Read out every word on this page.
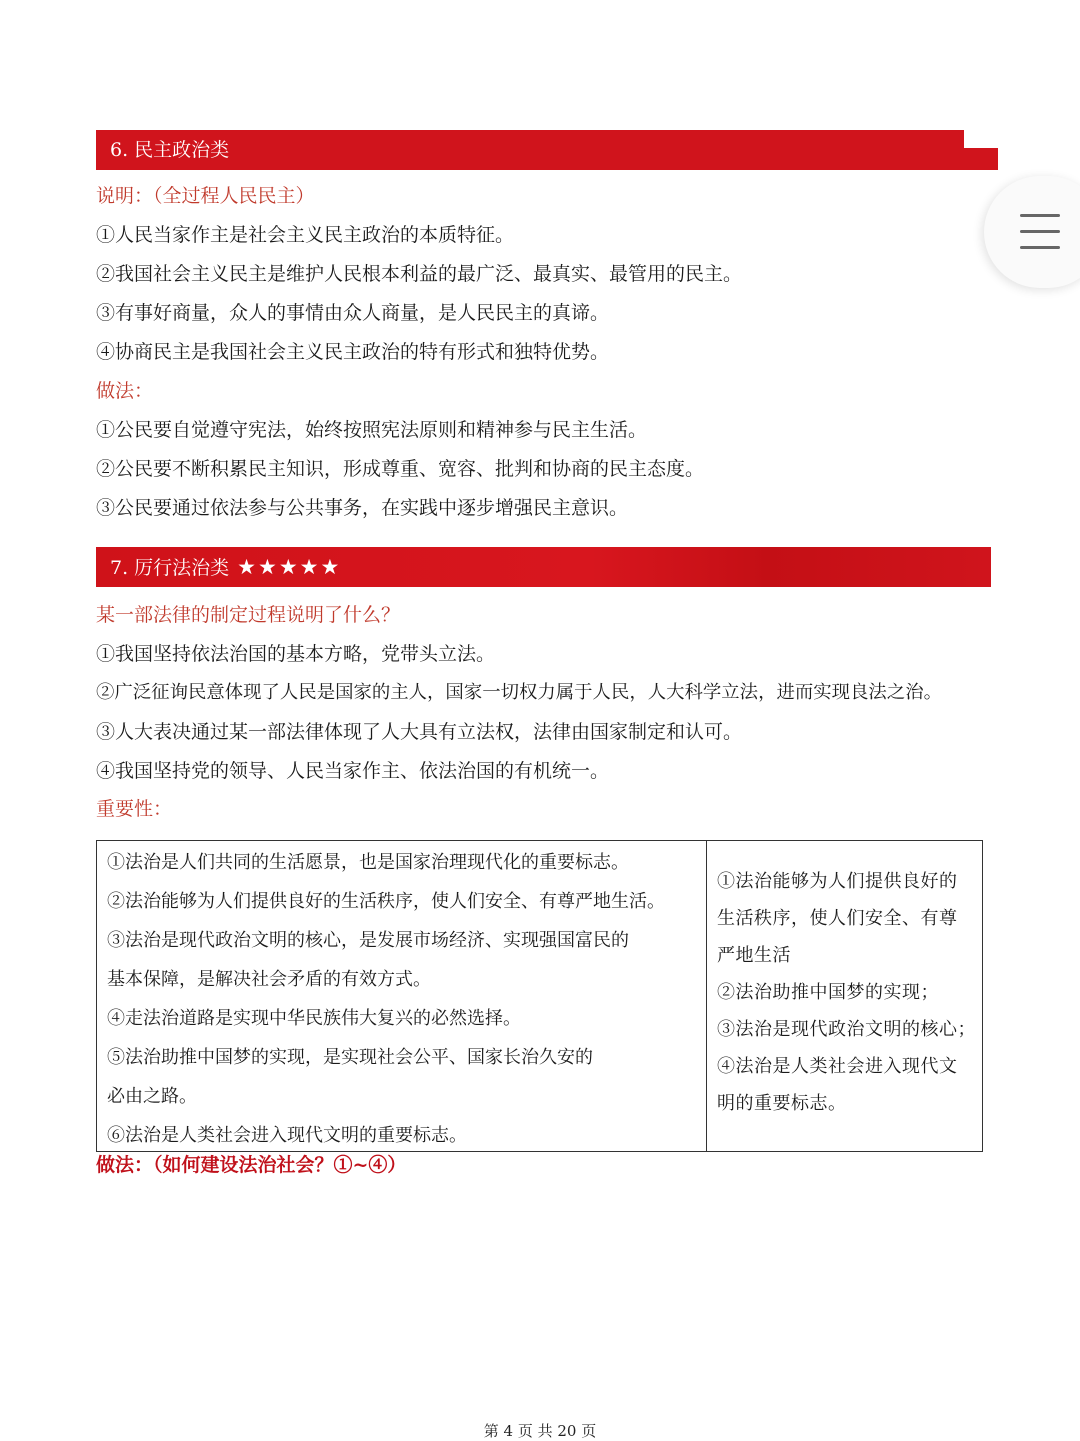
6. 民主政治类
说明：（全过程人民民主）
①人民当家作主是社会主义民主政治的本质特征。
②我国社会主义民主是维护人民根本利益的最广泛、最真实、最管用的民主。
③有事好商量，众人的事情由众人商量，是人民民主的真谛。
④协商民主是我国社会主义民主政治的特有形式和独特优势。
做法：
①公民要自觉遵守宪法，始终按照宪法原则和精神参与民主生活。
②公民要不断积累民主知识，形成尊重、宽容、批判和协商的民主态度。
③公民要通过依法参与公共事务，在实践中逐步增强民主意识。
7. 厉行法治类 ★★★★★
某一部法律的制定过程说明了什么？
①我国坚持依法治国的基本方略，党带头立法。
②广泛征询民意体现了人民是国家的主人，国家一切权力属于人民，人大科学立法，进而实现良法之治。
③人大表决通过某一部法律体现了人大具有立法权，法律由国家制定和认可。
④我国坚持党的领导、人民当家作主、依法治国的有机统一。
重要性：
①法治是人们共同的生活愿景，也是国家治理现代化的重要标志。
②法治能够为人们提供良好的生活秩序，使人们安全、有尊严地生活。
③法治是现代政治文明的核心，是发展市场经济、实现强国富民的
基本保障，是解决社会矛盾的有效方式。
④走法治道路是实现中华民族伟大复兴的必然选择。
⑤法治助推中国梦的实现，是实现社会公平、国家长治久安的
必由之路。
⑥法治是人类社会进入现代文明的重要标志。
①法治能够为人们提供良好的
生活秩序，使人们安全、有尊
严地生活
②法治助推中国梦的实现；
③法治是现代政治文明的核心；
④法治是人类社会进入现代文
明的重要标志。
做法：（如何建设法治社会？①~④）
第 4 页 共 20 页
